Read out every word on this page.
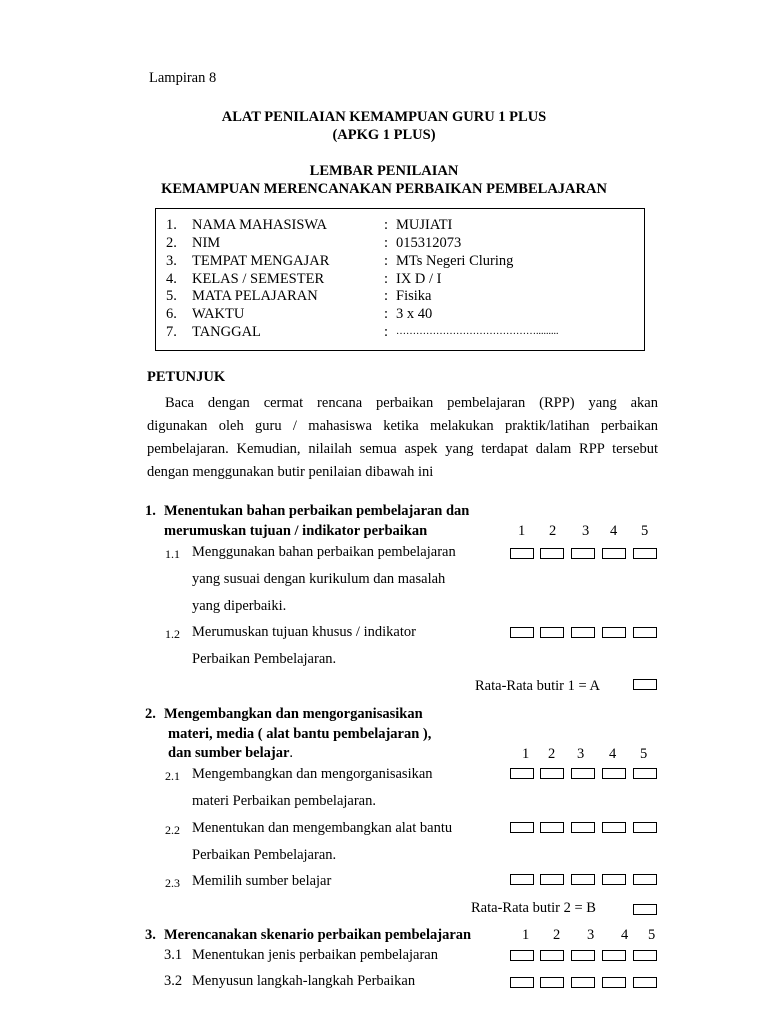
Lampiran 8
ALAT PENILAIAN KEMAMPUAN GURU 1 PLUS
(APKG 1 PLUS)
LEMBAR PENILAIAN
KEMAMPUAN MERENCANAKAN PERBAIKAN PEMBELAJARAN
1. NAMA MAHASISWA	: MUJIATI
2. NIM	: 015312073
3. TEMPAT MENGAJAR	: MTs Negeri Cluring
4. KELAS / SEMESTER	: IX D / I
5. MATA PELAJARAN	: Fisika
6. WAKTU	: 3 x 40
7. TANGGAL	: …………………………………….........
PETUNJUK
Baca dengan cermat rencana perbaikan pembelajaran (RPP) yang akan
digunakan oleh guru / mahasiswa ketika melakukan praktik/latihan perbaikan
pembelajaran. Kemudian, nilailah semua aspek yang terdapat dalam RPP tersebut
dengan menggunakan butir penilaian dibawah ini
1. Menentukan bahan perbaikan pembelajaran dan
merumuskan tujuan / indikator perbaikan	1 2 3 4 5
1.1 Menggunakan bahan perbaikan pembelajaran
yang susuai dengan kurikulum dan masalah
yang diperbaiki.
1.2 Merumuskan tujuan khusus / indikator
Perbaikan Pembelajaran.
Rata-Rata butir 1 = A
2. Mengembangkan dan mengorganisasikan
materi, media ( alat bantu pembelajaran ),
dan sumber belajar.	1 2 3 4 5
2.1 Mengembangkan dan mengorganisasikan
materi Perbaikan pembelajaran.
2.2 Menentukan dan mengembangkan alat bantu
Perbaikan Pembelajaran.
2.3 Memilih sumber belajar
Rata-Rata butir 2 = B
3. Merencanakan skenario perbaikan pembelajaran	1 2 3 4 5
3.1 Menentukan jenis perbaikan pembelajaran
3.2 Menyusun langkah-langkah Perbaikan
